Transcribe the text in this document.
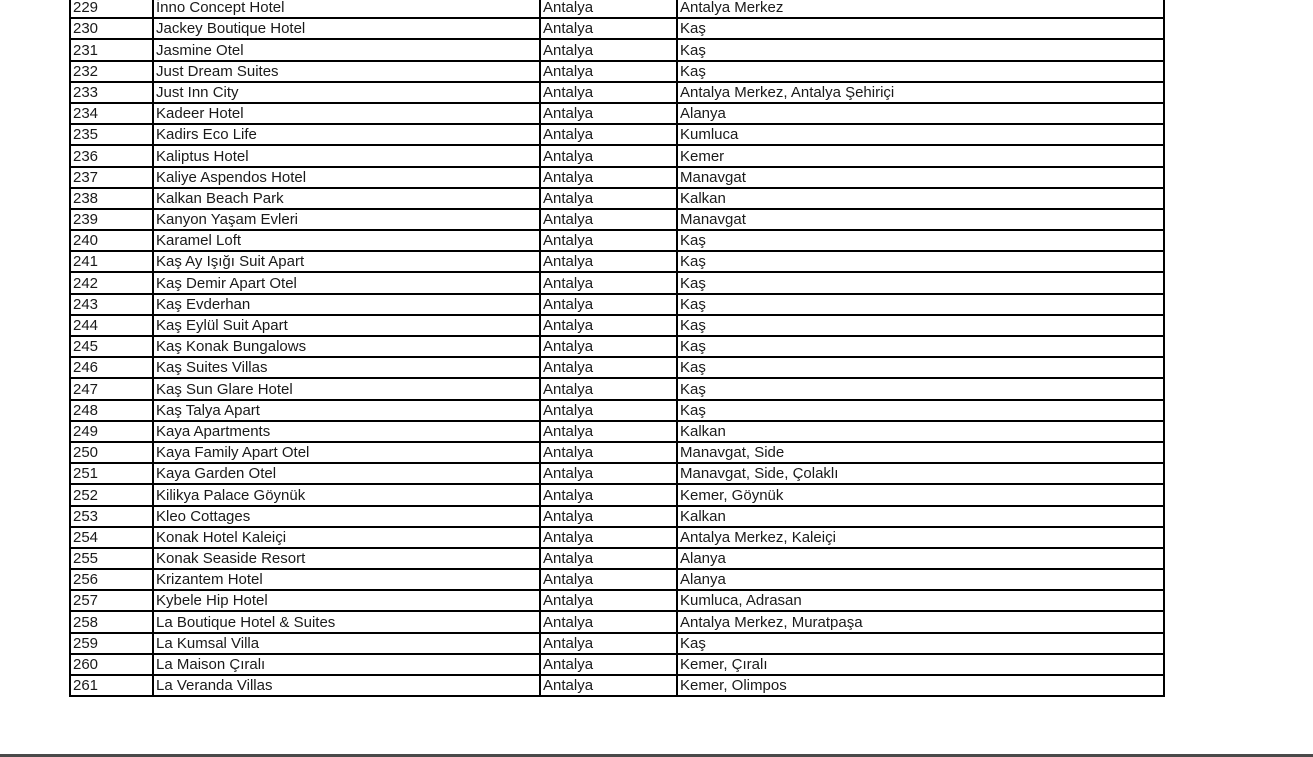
229	İnno Concept Hotel	Antalya	Antalya Merkez
230	Jackey Boutique Hotel	Antalya	Kaş
231	Jasmine Otel	Antalya	Kaş
232	Just Dream Suites	Antalya	Kaş
233	Just Inn City	Antalya	Antalya Merkez, Antalya Şehiriçi
234	Kadeer Hotel	Antalya	Alanya
235	Kadirs Eco Life	Antalya	Kumluca
236	Kaliptus Hotel	Antalya	Kemer
237	Kaliye Aspendos Hotel	Antalya	Manavgat
238	Kalkan Beach Park	Antalya	Kalkan
239	Kanyon Yaşam Evleri	Antalya	Manavgat
240	Karamel Loft	Antalya	Kaş
241	Kaş Ay Işığı Suit Apart	Antalya	Kaş
242	Kaş Demir Apart Otel	Antalya	Kaş
243	Kaş Evderhan	Antalya	Kaş
244	Kaş Eylül Suit Apart	Antalya	Kaş
245	Kaş Konak Bungalows	Antalya	Kaş
246	Kaş Suites Villas	Antalya	Kaş
247	Kaş Sun Glare Hotel	Antalya	Kaş
248	Kaş Talya Apart	Antalya	Kaş
249	Kaya Apartments	Antalya	Kalkan
250	Kaya Family Apart Otel	Antalya	Manavgat, Side
251	Kaya Garden Otel	Antalya	Manavgat, Side, Çolaklı
252	Kilikya Palace Göynük	Antalya	Kemer, Göynük
253	Kleo Cottages	Antalya	Kalkan
254	Konak Hotel Kaleiçi	Antalya	Antalya Merkez, Kaleiçi
255	Konak Seaside Resort	Antalya	Alanya
256	Krizantem Hotel	Antalya	Alanya
257	Kybele Hip Hotel	Antalya	Kumluca, Adrasan
258	La Boutique Hotel & Suites	Antalya	Antalya Merkez, Muratpaşa
259	La Kumsal Villa	Antalya	Kaş
260	La Maison Çıralı	Antalya	Kemer, Çıralı
261	La Veranda Villas	Antalya	Kemer, Olimpos
